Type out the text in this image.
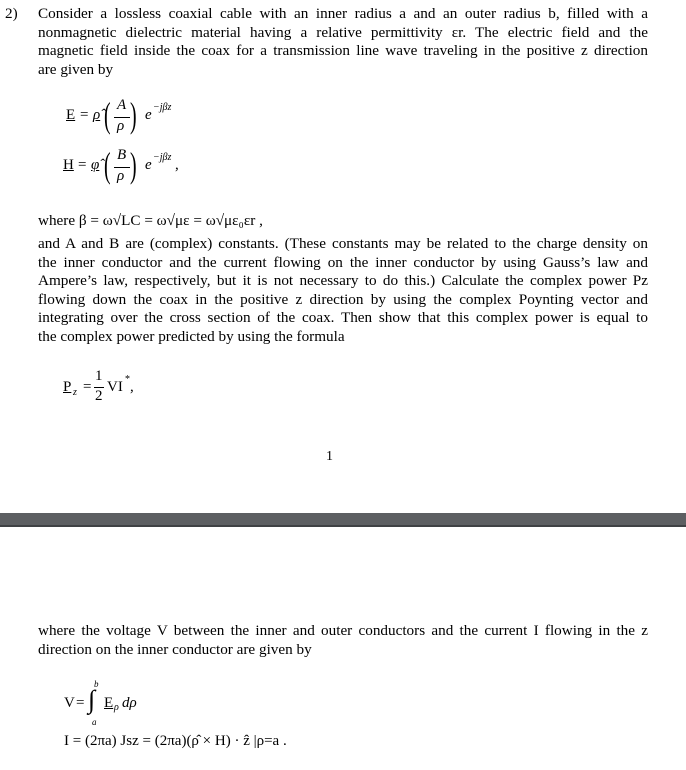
2) Consider a lossless coaxial cable with an inner radius a and an outer radius b, filled with a
nonmagnetic dielectric material having a relative permittivity εr. The electric field and the
magnetic field inside the coax for a transmission line wave traveling in the positive z direction
are given by
E = ρ̂ ( A
ρ ) e −jβz
H = φ̂ ( B
ρ ) e −jβz ,
where β = ω√LC = ω√με = ω√με₀εr ,
and A and B are (complex) constants. (These constants may be related to the charge density on
the inner conductor and the current flowing on the inner conductor by using Gauss’s law and
Ampere’s law, respectively, but it is not necessary to do this.) Calculate the complex power Pz
flowing down the coax in the positive z direction by using the complex Poynting vector and
integrating over the cross section of the coax. Then show that this complex power is equal to
the complex power predicted by using the formula
P z =
1
2
VI * ,
1
where the voltage V between the inner and outer conductors and the current I flowing in the z
direction on the inner conductor are given by
V =
b
∫
a
E ρ dρ
I = (2πa) Jsz = (2πa)(ρ̂ × H) · ẑ |ρ=a .
